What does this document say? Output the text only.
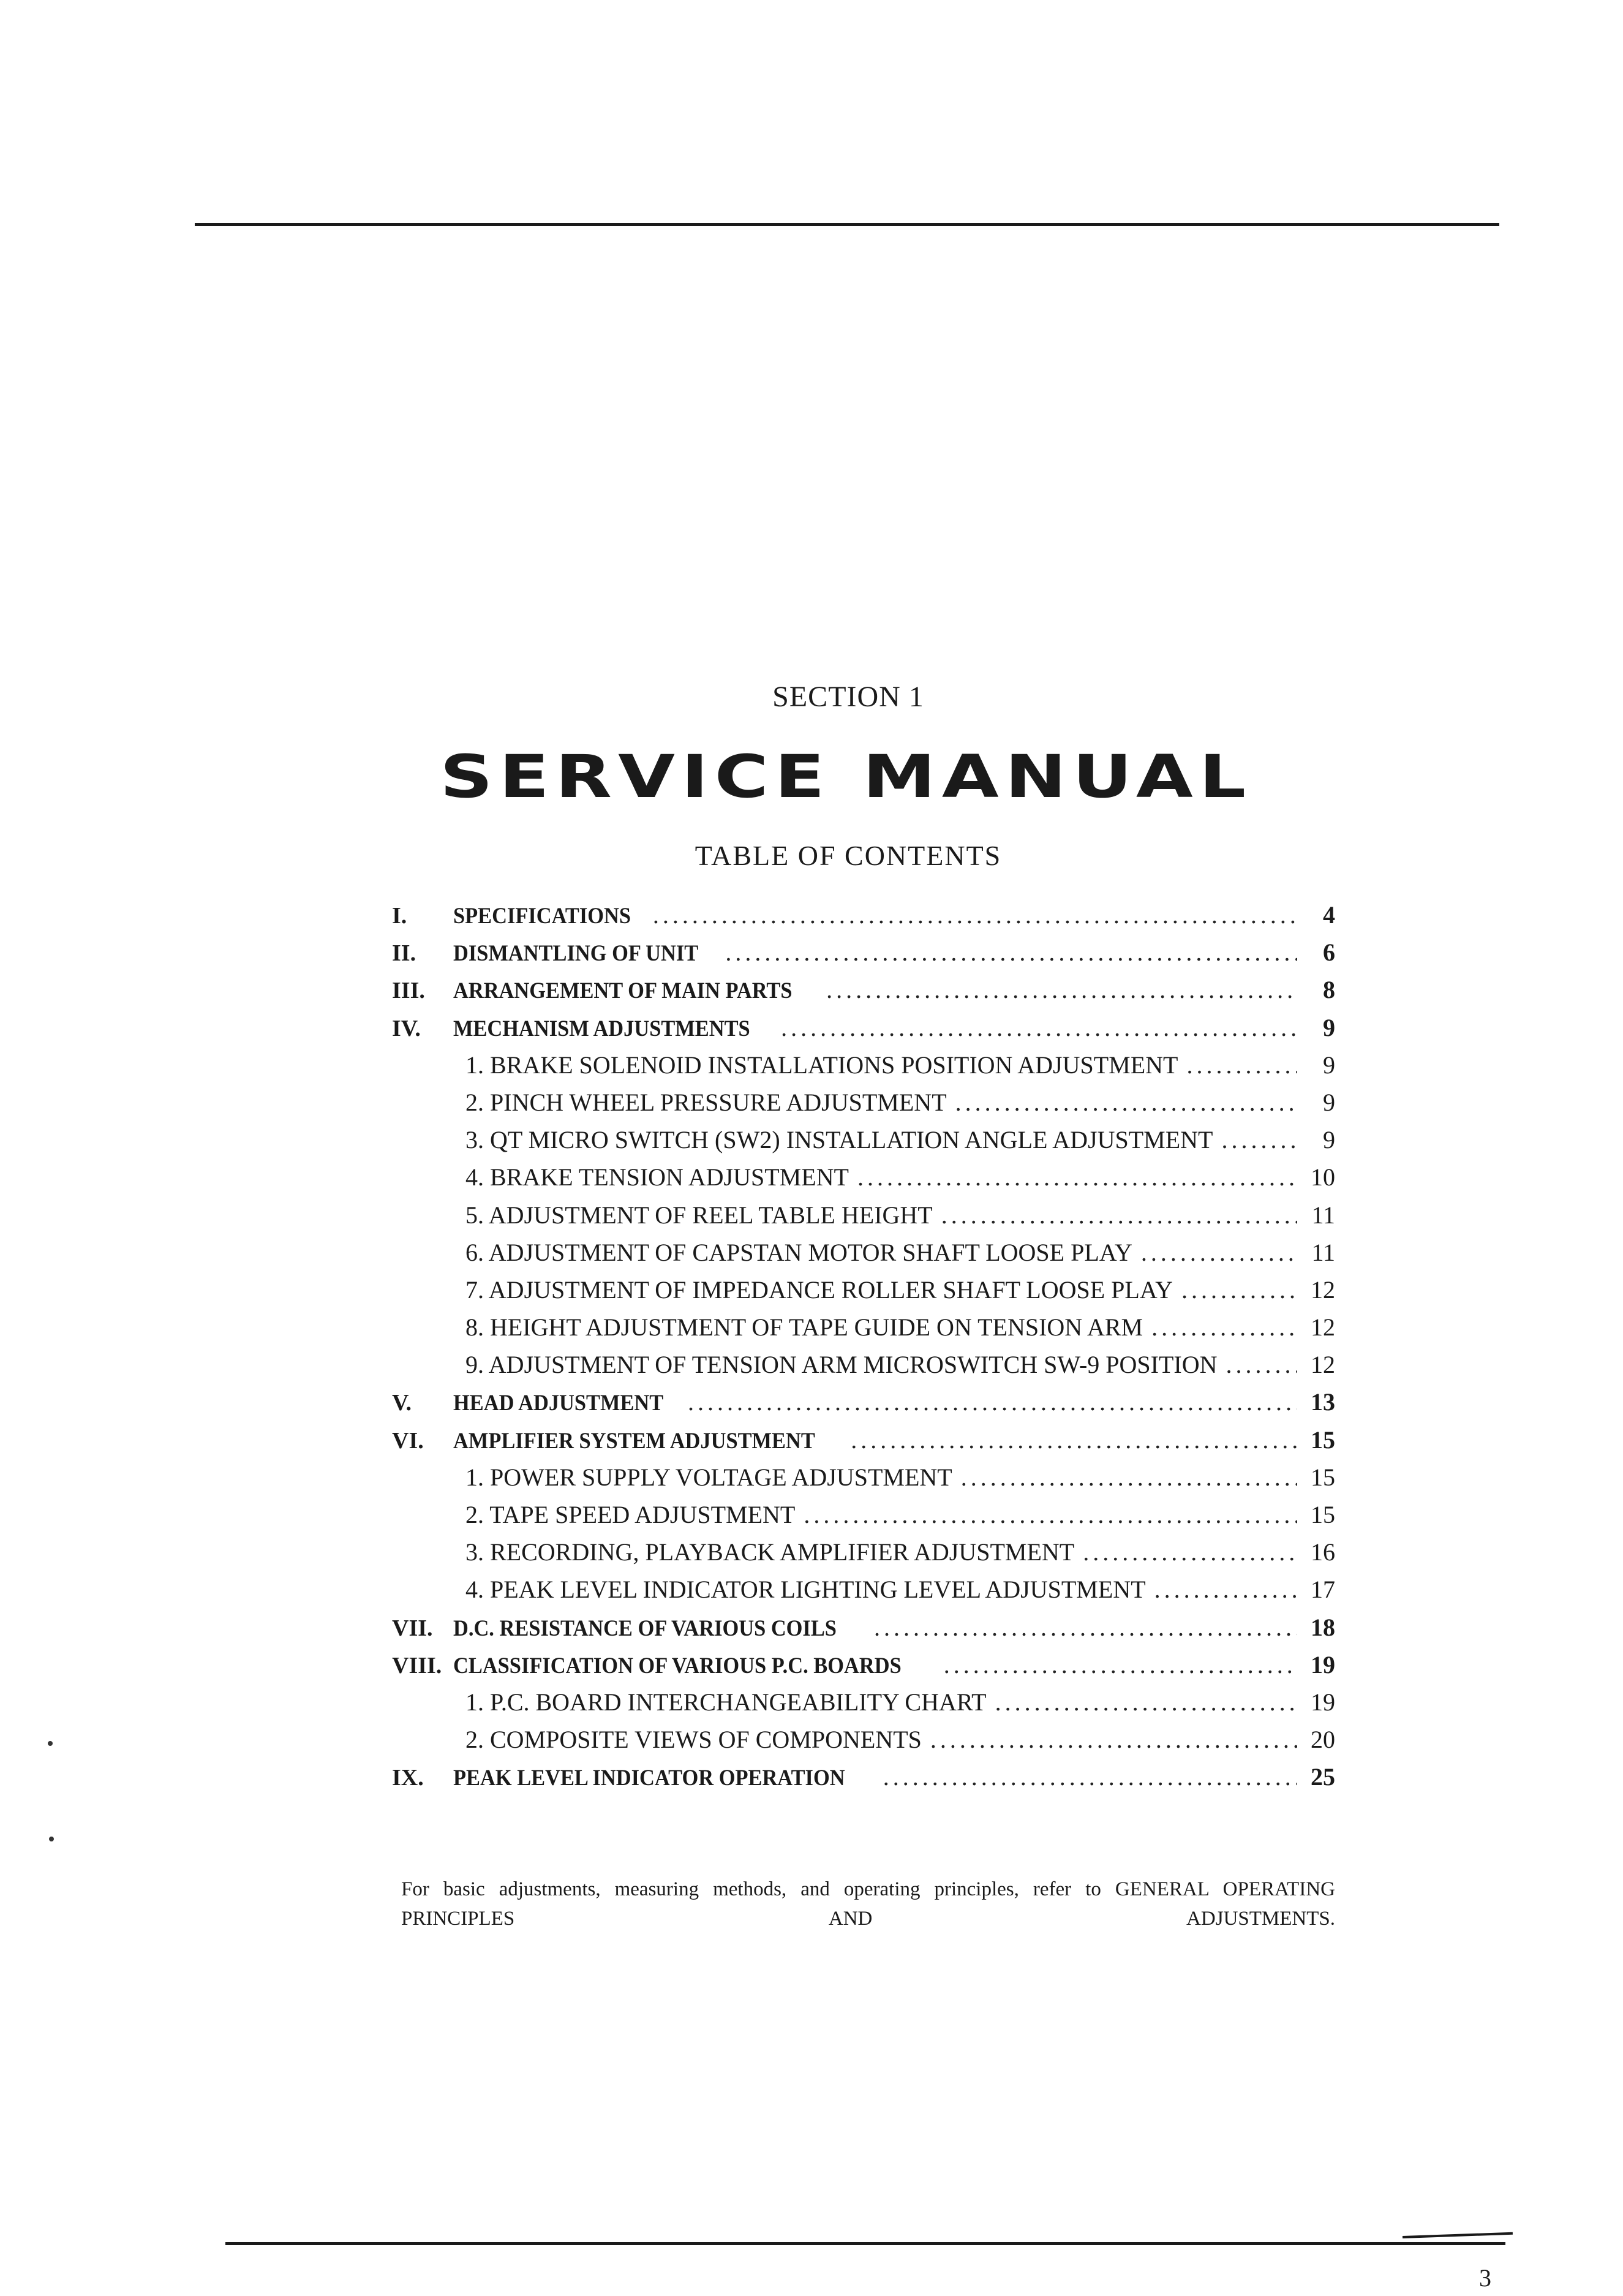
SECTION 1
SERVICE MANUAL
TABLE OF CONTENTS
I.	SPECIFICATIONS .....	4
II.	DISMANTLING OF UNIT .....	6
III.	ARRANGEMENT OF MAIN PARTS .....	8
IV.	MECHANISM ADJUSTMENTS .....	9
1. BRAKE SOLENOID INSTALLATIONS POSITION ADJUSTMENT .....	9
2. PINCH WHEEL PRESSURE ADJUSTMENT .....	9
3. QT MICRO SWITCH (SW2) INSTALLATION ANGLE ADJUSTMENT .....	9
4. BRAKE TENSION ADJUSTMENT .....	10
5. ADJUSTMENT OF REEL TABLE HEIGHT .....	11
6. ADJUSTMENT OF CAPSTAN MOTOR SHAFT LOOSE PLAY .....	11
7. ADJUSTMENT OF IMPEDANCE ROLLER SHAFT LOOSE PLAY .....	12
8. HEIGHT ADJUSTMENT OF TAPE GUIDE ON TENSION ARM .....	12
9. ADJUSTMENT OF TENSION ARM MICROSWITCH SW-9 POSITION .....	12
V.	HEAD ADJUSTMENT .....	13
VI.	AMPLIFIER SYSTEM ADJUSTMENT .....	15
1. POWER SUPPLY VOLTAGE ADJUSTMENT .....	15
2. TAPE SPEED ADJUSTMENT .....	15
3. RECORDING, PLAYBACK AMPLIFIER ADJUSTMENT .....	16
4. PEAK LEVEL INDICATOR LIGHTING LEVEL ADJUSTMENT .....	17
VII. D.C. RESISTANCE OF VARIOUS COILS .....	18
VIII. CLASSIFICATION OF VARIOUS P.C. BOARDS .....	19
1. P.C. BOARD INTERCHANGEABILITY CHART .....	19
2. COMPOSITE VIEWS OF COMPONENTS .....	20
IX.	PEAK LEVEL INDICATOR OPERATION .....	25
For basic adjustments, measuring methods, and operating principles, refer to GENERAL OPERATING PRINCIPLES AND ADJUSTMENTS.
3
